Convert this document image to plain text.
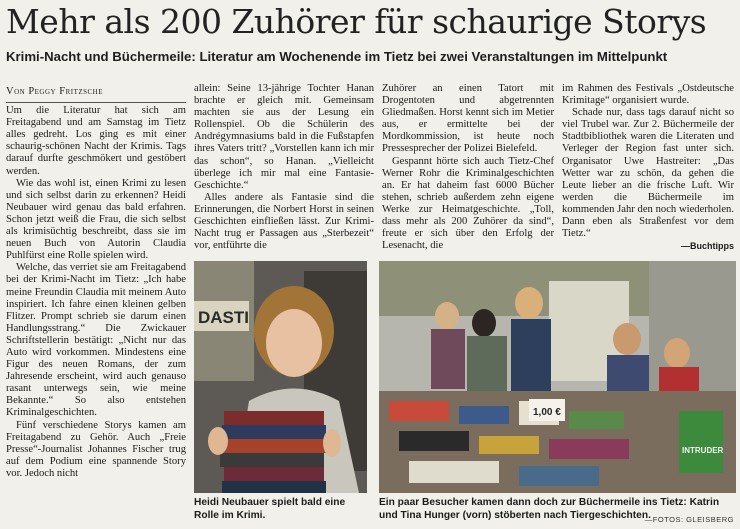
Mehr als 200 Zuhörer für schaurige Storys
Krimi-Nacht und Büchermeile: Literatur am Wochenende im Tietz bei zwei Veranstaltungen im Mittelpunkt
Von Peggy Fritzsche

Um die Literatur hat sich am Freitagabend und am Samstag im Tietz alles gedreht. Los ging es mit einer schaurig-schönen Nacht der Krimis. Tags darauf durfte geschmökert und gestöbert werden.

Wie das wohl ist, einen Krimi zu lesen und sich selbst darin zu erkennen? Heidi Neubauer wird genau das bald erfahren. Schon jetzt weiß die Frau, die sich selbst als krimisüchtig beschreibt, dass sie im neuen Buch von Autorin Claudia Puhlfürst eine Rolle spielen wird.

Welche, das verriet sie am Freitagabend bei der Krimi-Nacht im Tietz: „Ich habe meine Freundin Claudia mit meinem Auto inspiriert. Ich fahre einen kleinen gelben Flitzer. Prompt schrieb sie darum einen Handlungsstrang.“ Die Zwickauer Schriftstellerin bestätigt: „Nicht nur das Auto wird vorkommen. Mindestens eine Figur des neuen Romans, der zum Jahresende erscheint, wird auch genauso rasant unterwegs sein, wie meine Bekannte.“ So also entstehen Kriminalgeschichten.

Fünf verschiedene Storys kamen am Freitagabend zu Gehör. Auch „Freie Presse“-Journalist Johannes Fischer trug auf dem Podium eine spannende Story vor. Jedoch nicht

allein: Seine 13-jährige Tochter Hanan brachte er gleich mit. Gemeinsam machten sie aus der Lesung ein Rollenspiel. Ob die Schülerin des Andrégymnasiums bald in die Fußstapfen ihres Vaters tritt? „Vorstellen kann ich mir das schon“, so Hanan. „Vielleicht überlege ich mir mal eine Fantasie-Geschichte.“

Alles andere als Fantasie sind die Erinnerungen, die Norbert Horst in seinen Geschichten einfließen lässt. Zur Krimi-Nacht trug er Passagen aus „Sterbezeit“ vor, entführte die

Zuhörer an einen Tatort mit Drogentoten und abgetrennten Gliedmaßen. Horst kennt sich im Metier aus, er ermittelte bei der Mordkommission, ist heute noch Pressesprecher der Polizei Bielefeld.

Gespannt hörte sich auch Tietz-Chef Werner Rohr die Kriminalgeschichten an. Er hat daheim fast 6000 Bücher stehen, schrieb außerdem zehn eigene Werke zur Heimatgeschichte. „Toll, dass mehr als 200 Zuhörer da sind“, freute er sich über den Erfolg der Lesenacht, die

im Rahmen des Festivals „Ostdeutsche Krimitage“ organisiert wurde.

Schade nur, dass tags darauf nicht so viel Trubel war. Zur 2. Büchermeile der Stadtbibliothek waren die Literaten und Verleger der Region fast unter sich. Organisator Uwe Hastreiter: „Das Wetter war zu schön, da gehen die Leute lieber an die frische Luft. Wir werden die Büchermeile im kommenden Jahr den noch wiederholen. Dann eben als Straßenfest vor dem Tietz.“

—Buchtipps
DASTI
1,00 €
INTRUDER
Heidi Neubauer spielt bald eine Rolle im Krimi.
Ein paar Besucher kamen dann doch zur Büchermeile ins Tietz: Katrin und Tina Hunger (vorn) stöberten nach Tiergeschichten.
—FOTOS: GLEISBERG
